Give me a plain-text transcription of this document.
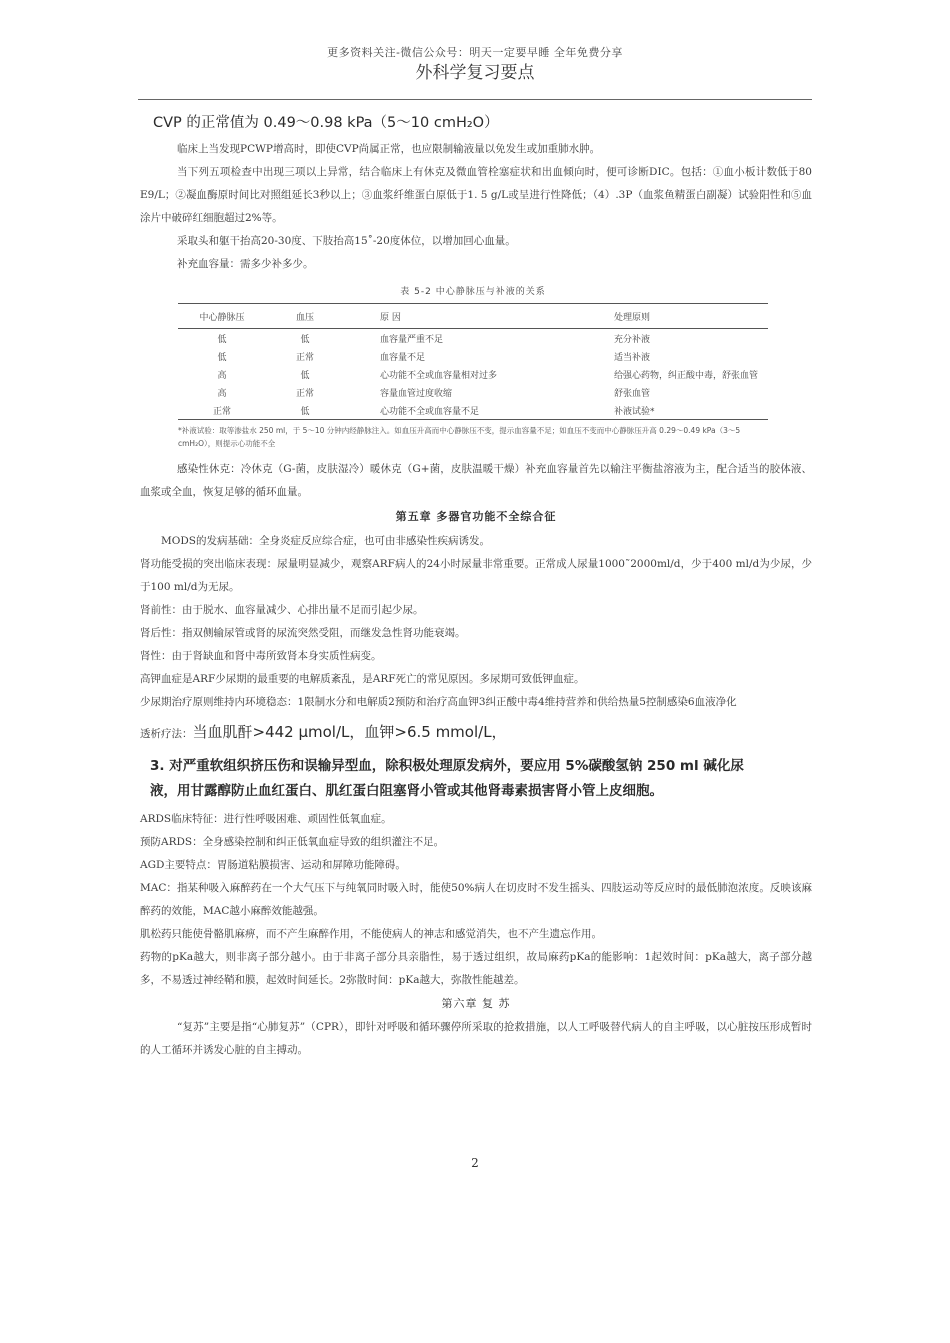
更多资料关注-微信公众号：明天一定要早睡 全年免费分享
外科学复习要点

CVP 的正常值为 0.49～0.98 kPa（5～10 cmH₂O）

临床上当发现PCWP增高时，即使CVP尚属正常，也应限制输液量以免发生或加重肺水肿。

当下列五项检查中出现三项以上异常，结合临床上有休克及微血管栓塞症状和出血倾向时，便可诊断DIC。包括：①血小板计数低于80 E9/L；②凝血酶原时间比对照组延长3秒以上；③血浆纤维蛋白原低于1. 5 g/L或呈进行性降低；（4）.3P（血浆鱼精蛋白副凝）试验阳性和⑤血涂片中破碎红细胞超过2%等。

采取头和躯干抬高20-30度、下肢抬高15˚-20度体位，以增加回心血量。

补充血容量：需多少补多少。

表 5-2 中心静脉压与补液的关系
中心静脉压	血压	原 因	处理原则
低	低	血容量严重不足	充分补液
低	正常	血容量不足	适当补液
高	低	心功能不全或血容量相对过多	给强心药物，纠正酸中毒，舒张血管
高	正常	容量血管过度收缩	舒张血管
正常	低	心功能不全或血容量不足	补液试验*
*补液试验：取等渗盐水 250 ml，于 5～10 分钟内经静脉注入。如血压升高而中心静脉压不变，提示血容量不足；如血压不变而中心静脉压升高 0.29～0.49 kPa（3～5 cmH₂O），则提示心功能不全

感染性休克：冷休克（G-菌，皮肤湿冷）暖休克（G+菌，皮肤温暖干燥）补充血容量首先以输注平衡盐溶液为主，配合适当的胶体液、血浆或全血，恢复足够的循环血量。

第五章 多器官功能不全综合征

MODS的发病基础：全身炎症反应综合症，也可由非感染性疾病诱发。

肾功能受损的突出临床表现：尿量明显减少，观察ARF病人的24小时尿量非常重要。正常成人尿量1000˜2000ml/d，少于400 ml/d为少尿，少于100 ml/d为无尿。

肾前性：由于脱水、血容量减少、心排出量不足而引起少尿。

肾后性：指双侧输尿管或肾的尿流突然受阻，而继发急性肾功能衰竭。

肾性：由于肾缺血和肾中毒所致肾本身实质性病变。

高钾血症是ARF少尿期的最重要的电解质紊乱，是ARF死亡的常见原因。多尿期可致低钾血症。

少尿期治疗原则维持内环境稳态：1限制水分和电解质2预防和治疗高血钾3纠正酸中毒4维持营养和供给热量5控制感染6血液净化

透析疗法：当血肌酐>442 μmol/L，血钾>6.5 mmol/L，

3. 对严重软组织挤压伤和误输异型血，除积极处理原发病外，要应用 5%碳酸氢钠 250 ml 碱化尿液，用甘露醇防止血红蛋白、肌红蛋白阻塞肾小管或其他肾毒素损害肾小管上皮细胞。

ARDS临床特征：进行性呼吸困难、顽固性低氧血症。

预防ARDS：全身感染控制和纠正低氧血症导致的组织灌注不足。

AGD主要特点：胃肠道粘膜损害、运动和屏障功能障碍。

MAC：指某种吸入麻醉药在一个大气压下与纯氧同时吸入时，能使50%病人在切皮时不发生摇头、四肢运动等反应时的最低肺泡浓度。反映该麻醉药的效能，MAC越小麻醉效能越强。

肌松药只能使骨骼肌麻痹，而不产生麻醉作用，不能使病人的神志和感觉消失，也不产生遗忘作用。

药物的pKa越大，则非离子部分越小。由于非离子部分具亲脂性，易于透过组织，故局麻药pKa的能影响：1起效时间：pKa越大，离子部分越多，不易透过神经鞘和膜，起效时间延长。2弥散时间：pKa越大，弥散性能越差。

第六章 复 苏

“复苏”主要是指“心肺复苏”（CPR），即针对呼吸和循环骤停所采取的抢救措施，以人工呼吸替代病人的自主呼吸，以心脏按压形成暂时的人工循环并诱发心脏的自主搏动。

2
